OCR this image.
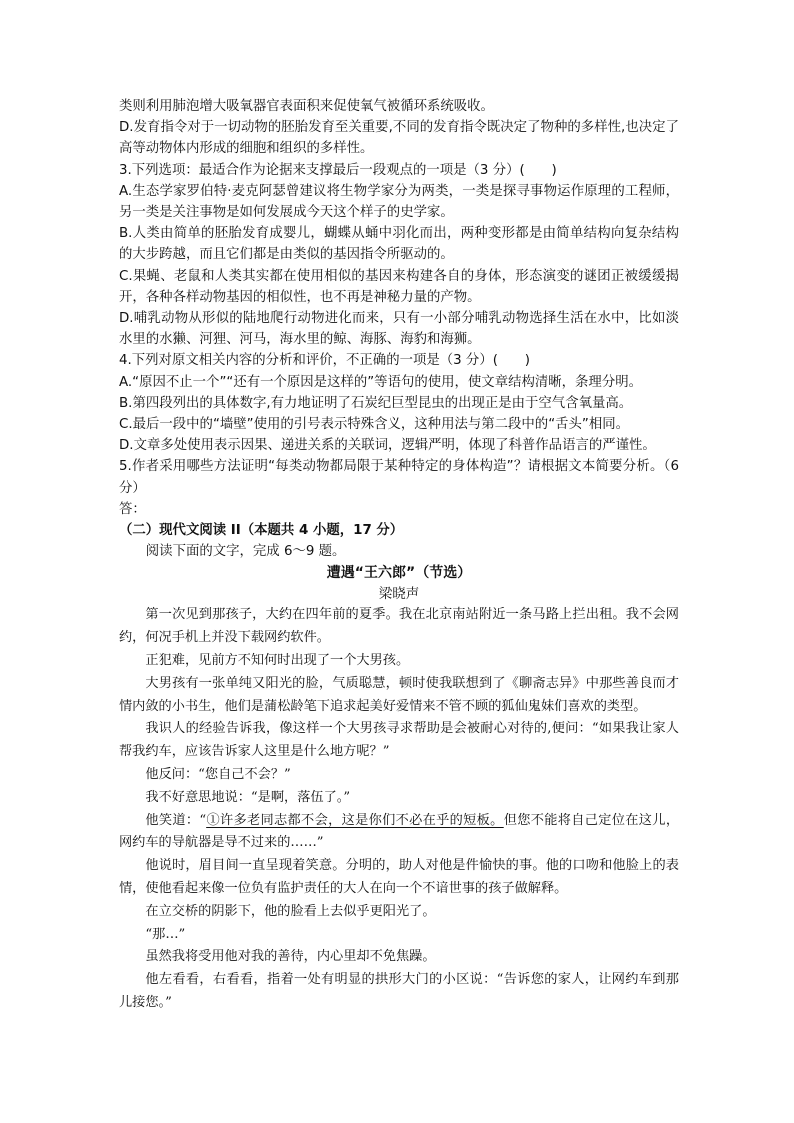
类则利用肺泡增大吸氧器官表面积来促使氧气被循环系统吸收。

D.发育指令对于一切动物的胚胎发育至关重要,不同的发育指令既决定了物种的多样性,也决定了高等动物体内形成的细胞和组织的多样性。

3.下列选项：最适合作为论据来支撑最后一段观点的一项是（3 分）(　　)

A.生态学家罗伯特·麦克阿瑟曾建议将生物学家分为两类，一类是探寻事物运作原理的工程师，另一类是关注事物是如何发展成今天这个样子的史学家。

B.人类由简单的胚胎发育成婴儿，蝴蝶从蛹中羽化而出，两种变形都是由简单结构向复杂结构的大步跨越，而且它们都是由类似的基因指令所驱动的。

C.果蝇、老鼠和人类其实都在使用相似的基因来构建各自的身体，形态演变的谜团正被缓缓揭开，各种各样动物基因的相似性，也不再是神秘力量的产物。

D.哺乳动物从形似的陆地爬行动物进化而来，只有一小部分哺乳动物选择生活在水中，比如淡水里的水獭、河狸、河马，海水里的鲸、海豚、海豹和海狮。

4.下列对原文相关内容的分析和评价，不正确的一项是（3 分）(　　)

A.“原因不止一个”“还有一个原因是这样的”等语句的使用，使文章结构清晰，条理分明。

B.第四段列出的具体数字,有力地证明了石炭纪巨型昆虫的出现正是由于空气含氧量高。

C.最后一段中的“墙壁”使用的引号表示特殊含义，这种用法与第二段中的“舌头”相同。

D.文章多处使用表示因果、递进关系的关联词，逻辑严明，体现了科普作品语言的严谨性。

5.作者采用哪些方法证明“每类动物都局限于某种特定的身体构造”？请根据文本简要分析。（6 分）

答：

（二）现代文阅读 II（本题共 4 小题，17 分）

阅读下面的文字，完成 6～9 题。

遭遇“王六郎”（节选）

梁晓声

第一次见到那孩子，大约在四年前的夏季。我在北京南站附近一条马路上拦出租。我不会网约，何况手机上并没下载网约软件。

正犯难，见前方不知何时出现了一个大男孩。

大男孩有一张单纯又阳光的脸，气质聪慧，顿时使我联想到了《聊斋志异》中那些善良而才情内敛的小书生，他们是蒲松龄笔下追求起美好爱情来不管不顾的狐仙鬼妹们喜欢的类型。

我识人的经验告诉我，像这样一个大男孩寻求帮助是会被耐心对待的,便问：“如果我让家人帮我约车，应该告诉家人这里是什么地方呢？”

他反问：“您自己不会？”

我不好意思地说：“是啊，落伍了。”

他笑道：“①许多老同志都不会，这是你们不必在乎的短板。但您不能将自己定位在这儿，网约车的导航器是导不过来的……”

他说时，眉目间一直呈现着笑意。分明的，助人对他是件愉快的事。他的口吻和他脸上的表情，使他看起来像一位负有监护责任的大人在向一个不谙世事的孩子做解释。

在立交桥的阴影下，他的脸看上去似乎更阳光了。

“那…”

虽然我将受用他对我的善待，内心里却不免焦躁。

他左看看，右看看，指着一处有明显的拱形大门的小区说：“告诉您的家人，让网约车到那儿接您。”
